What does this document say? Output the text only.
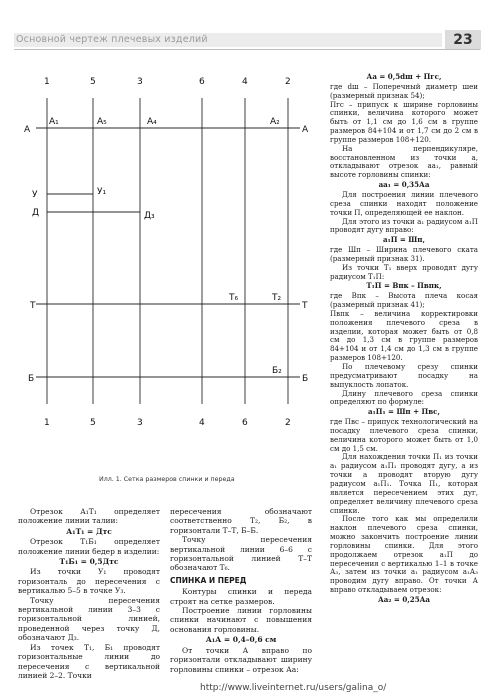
Основной чертеж плечевых изделий	23
1	5	3	6	4	2
1	5	3	4	6	2
А	А
Т	Т
Б	Б
У
Д
А₁	А₅	А₄	А₂
У₁
Д₃
Т₆	Т₂
Б₂
Илл. 1. Сетка размеров спинки и переда

Отрезок А₁Т₁ определяет положение линии талии:

А₁Т₁ = Дтс

Отрезок Т₁Б₁ определяет положение линии бедер в изделии:

Т₁Б₁ = 0,5Дтс

Из точки У₁ проводят горизонталь до пересечения с вертикалью 5–5 в точке У₃.

Точку пересечения вертикальной линии 3–3 с горизонтальной линией, проведенной через точку Д, обозначают Д₃.

Из точек Т₁, Б₁ проводят горизонтальные линии до пересечения с вертикальной линией 2–2. Точки

пересечения обозначают соответственно Т₂, Б₂, в горизонтали Т–Т, Б–Б.

Точку пересечения вертикальной линии 6–6 с горизонтальной линией Т–Т обозначают Т₆.

СПИНКА И ПЕРЕД

Контуры спинки и переда строят на сетке размеров.

Построение линии горловины спинки начинают с повышения основания горловины.

А₁А = 0,4–0,6 см

От точки А вправо по горизонтали откладывают ширину горловины спинки – отрезок Аа:

Аа = 0,5dш + Пгс,

где dш – Поперечный диаметр шеи (размерный признак 54);

Пгс – припуск к ширине горловины спинки, величина которого может быть от 1,1 см до 1,6 см в группе размеров 84+104 и от 1,7 см до 2 см в группе размеров 108+120.

На перпендикуляре, восстановленном из точки а, откладывают отрезок аа₁, равный высоте горловины спинки:

аа₁ = 0,35Аа

Для построения линии плечевого среза спинки находят положение точки П, определяющей ее наклон.

Для этого из точки а₁ радиусом а₁П проводят дугу вправо:

а₁П = Шп,

где Шп – Ширина плечевого ската (размерный признак 31).

Из точки Т₁ вверх проводят дугу радиусом Т₁П:

Т₁П = Впк – Пвпк,

где Впк – Высота плеча косая (размерный признак 41);

Пвпк – величина корректировки положения плечевого среза в изделии, которая может быть от 0,8 см до 1,3 см в группе размеров 84+104 и от 1,4 см до 1,3 см в группе размеров 108+120.

По плечевому срезу спинки предусматривают посадку на выпуклость лопаток.

Длину плечевого среза спинки определяют по формуле:

а₁П₁ = Шп + Пвс,

где Пвс – припуск технологический на посадку плечевого среза спинки, величина которого может быть от 1,0 см до 1,5 см.

Для нахождения точки П₁ из точки а₁ радиусом а₁П₁ проводят дугу, а из точки а проводят вторую дугу радиусом а₁П₁. Точка П₁, которая является пересечением этих дуг, определяет величину плечевого среза спинки.

После того как мы определили наклон плечевого среза спинки, можно закончить построение линии горловины спинки. Для этого продолжаем отрезок а₁П до пересечения с вертикалью 1–1 в точке А₃, затем из точки а₁ радиусом а₁А₃ проводим дугу вправо. От точки А вправо откладываем отрезок:

Аа₂ = 0,25Аа

http://www.liveinternet.ru/users/galina_o/
